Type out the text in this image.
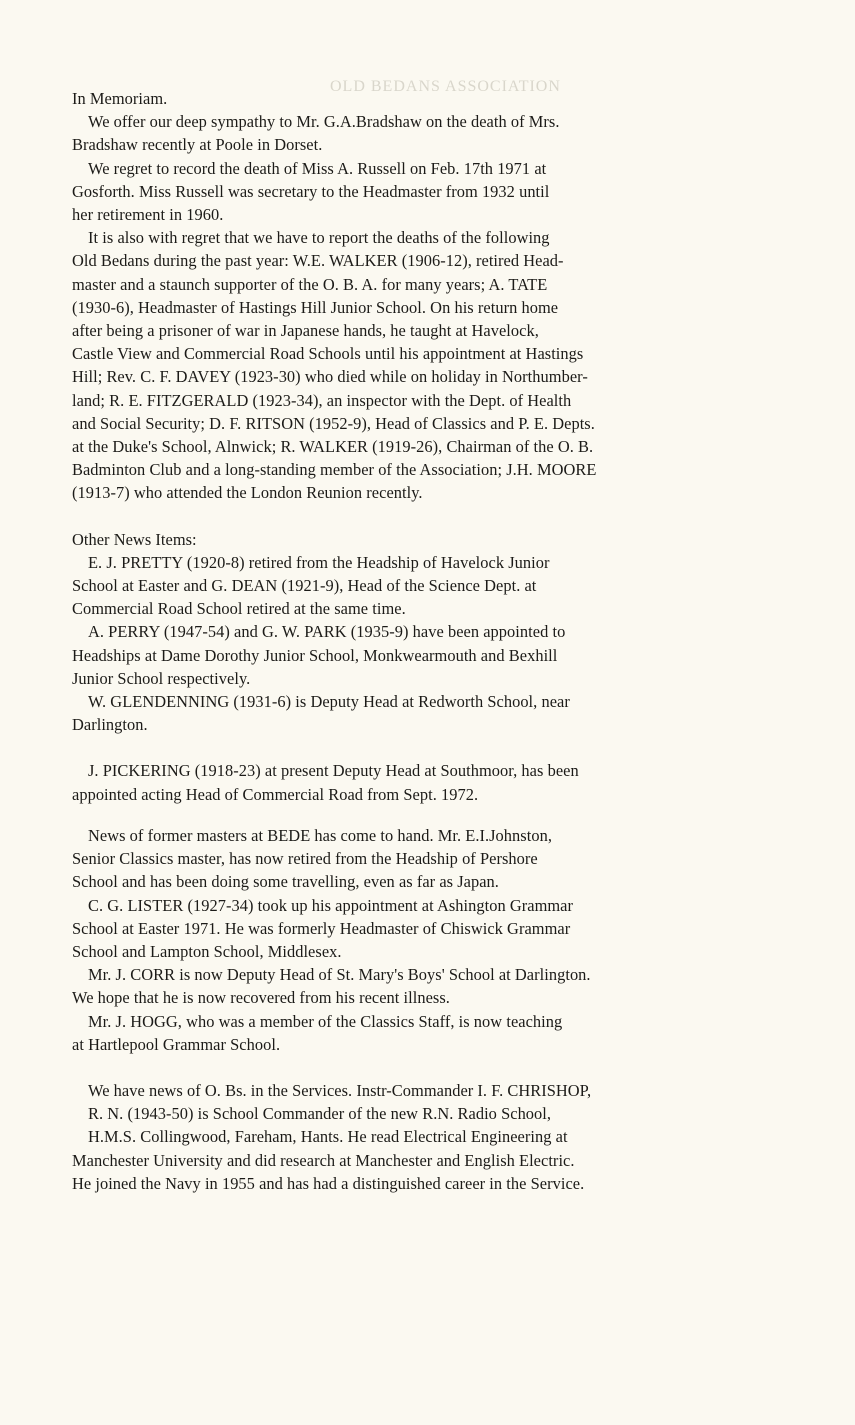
OLD BEDANS ASSOCIATION
In Memoriam.
We offer our deep sympathy to Mr. G.A.Bradshaw on the death of Mrs.
Bradshaw recently at Poole in Dorset.
We regret to record the death of Miss A. Russell on Feb. 17th 1971 at
Gosforth. Miss Russell was secretary to the Headmaster from 1932 until
her retirement in 1960.
It is also with regret that we have to report the deaths of the following
Old Bedans during the past year: W.E. WALKER (1906-12), retired Head-
master and a staunch supporter of the O. B. A. for many years; A. TATE
(1930-6), Headmaster of Hastings Hill Junior School. On his return home
after being a prisoner of war in Japanese hands, he taught at Havelock,
Castle View and Commercial Road Schools until his appointment at Hastings
Hill; Rev. C. F. DAVEY (1923-30) who died while on holiday in Northumber-
land; R. E. FITZGERALD (1923-34), an inspector with the Dept. of Health
and Social Security; D. F. RITSON (1952-9), Head of Classics and P. E. Depts.
at the Duke's School, Alnwick; R. WALKER (1919-26), Chairman of the O. B.
Badminton Club and a long-standing member of the Association; J.H. MOORE
(1913-7) who attended the London Reunion recently.
Other News Items:
E. J. PRETTY (1920-8) retired from the Headship of Havelock Junior
School at Easter and G. DEAN (1921-9), Head of the Science Dept. at
Commercial Road School retired at the same time.
A. PERRY (1947-54) and G. W. PARK (1935-9) have been appointed to
Headships at Dame Dorothy Junior School, Monkwearmouth and Bexhill
Junior School respectively.
W. GLENDENNING (1931-6) is Deputy Head at Redworth School, near
Darlington.
J. PICKERING (1918-23) at present Deputy Head at Southmoor, has been
appointed acting Head of Commercial Road from Sept. 1972.
News of former masters at BEDE has come to hand. Mr. E.I.Johnston,
Senior Classics master, has now retired from the Headship of Pershore
School and has been doing some travelling, even as far as Japan.
C. G. LISTER (1927-34) took up his appointment at Ashington Grammar
School at Easter 1971. He was formerly Headmaster of Chiswick Grammar
School and Lampton School, Middlesex.
Mr. J. CORR is now Deputy Head of St. Mary's Boys' School at Darlington.
We hope that he is now recovered from his recent illness.
Mr. J. HOGG, who was a member of the Classics Staff, is now teaching
at Hartlepool Grammar School.
We have news of O. Bs. in the Services. Instr-Commander I. F. CHRISHOP,
R. N. (1943-50) is School Commander of the new R.N. Radio School,
H.M.S. Collingwood, Fareham, Hants. He read Electrical Engineering at
Manchester University and did research at Manchester and English Electric.
He joined the Navy in 1955 and has had a distinguished career in the Service.
